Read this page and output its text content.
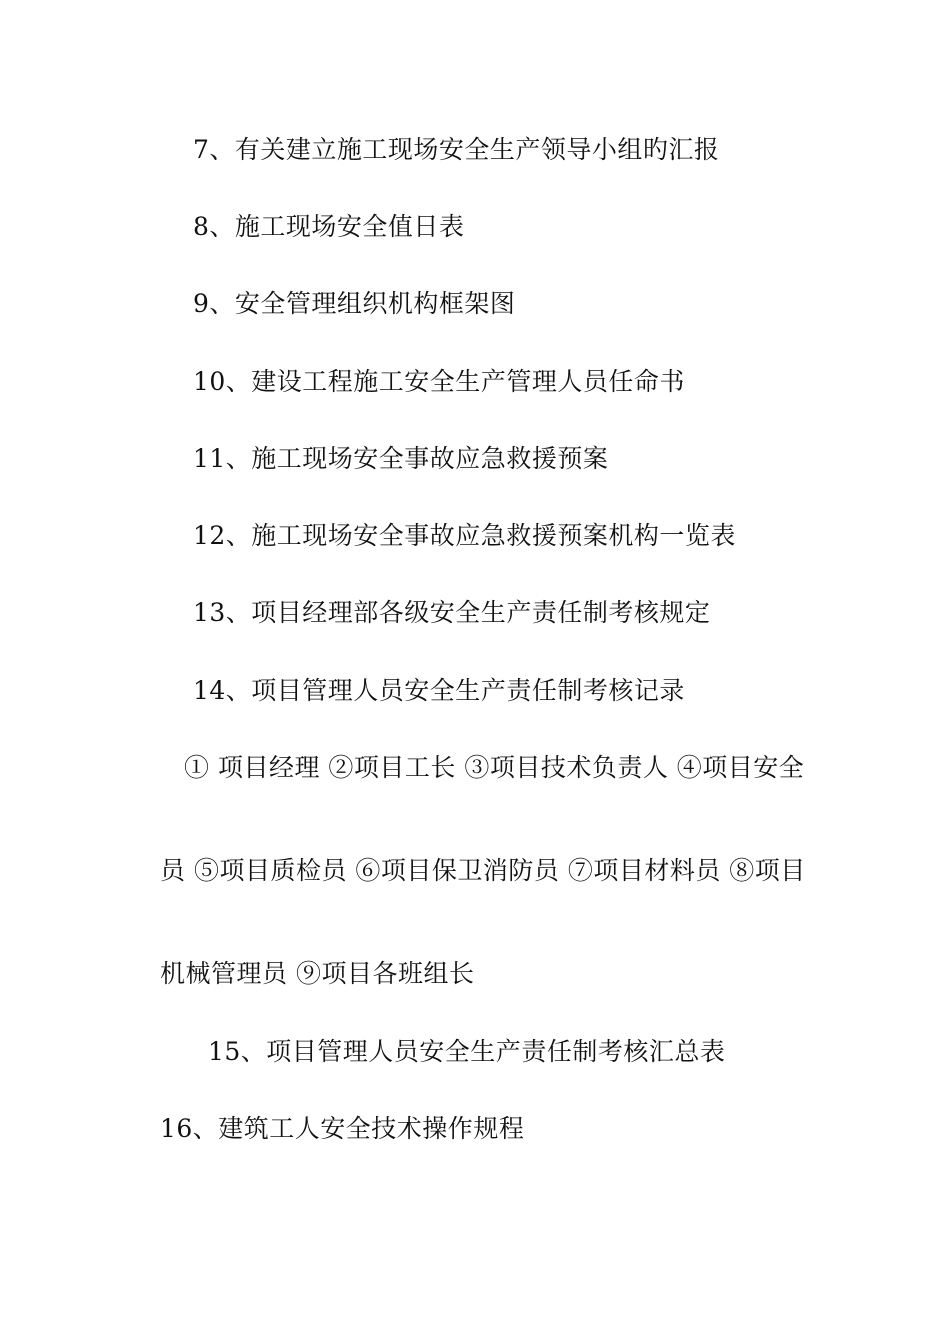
7、有关建立施工现场安全生产领导小组旳汇报
8、施工现场安全值日表
9、安全管理组织机构框架图
10、建设工程施工安全生产管理人员任命书
11、施工现场安全事故应急救援预案
12、施工现场安全事故应急救援预案机构一览表
13、项目经理部各级安全生产责任制考核规定
14、项目管理人员安全生产责任制考核记录
① 项目经理 ②项目工长 ③项目技术负责人 ④项目安全
员 ⑤项目质检员 ⑥项目保卫消防员 ⑦项目材料员 ⑧项目
机械管理员 ⑨项目各班组长
15、项目管理人员安全生产责任制考核汇总表
16、建筑工人安全技术操作规程
